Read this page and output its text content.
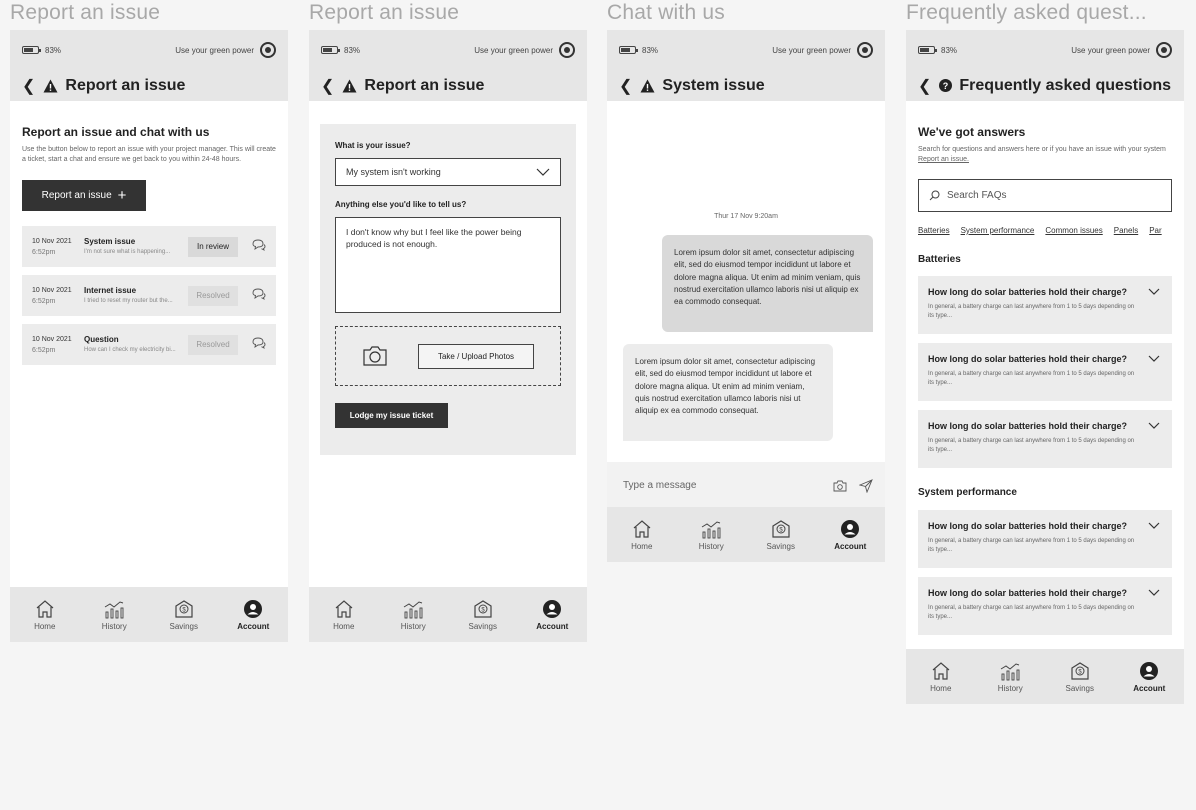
Report an issue	Report an issue	Chat with us	Frequently asked quest...
83%	Use your green power
❮ Report an issue
Report an issue and chat with us
Use the button below to report an issue with your project manager. This will create a ticket, start a chat and ensure we get back to you within 24-48 hours.
Report an issue +
10 Nov 2021
6:52pm
System issue
I'm not sure what is happening...
In review
10 Nov 2021
6:52pm
Internet issue
I tried to reset my router but the...
Resolved
10 Nov 2021
6:52pm
Question
How can I check my electricity bi...
Resolved
Home	History
$
Savings	Account
83%	Use your green power
❮ Report an issue
What is your issue?
My system isn't working
Anything else you'd like to tell us?
I don't know why but I feel like the power being produced is not enough.
Take / Upload Photos
Lodge my issue ticket
Home	History
$
Savings	Account
83%	Use your green power
❮ System issue
Thur 17 Nov 9:20am
Lorem ipsum dolor sit amet, consectetur adipiscing elit, sed do eiusmod tempor incididunt ut labore et dolore magna aliqua. Ut enim ad minim veniam, quis nostrud exercitation ullamco laboris nisi ut aliquip ex ea commodo consequat.
Lorem ipsum dolor sit amet, consectetur adipiscing elit, sed do eiusmod tempor incididunt ut labore et dolore magna aliqua. Ut enim ad minim veniam, quis nostrud exercitation ullamco laboris nisi ut aliquip ex ea commodo consequat.
Type a message
Home	History
$
Savings	Account
83%	Use your green power
❮ ? Frequently asked questions
We've got answers
Search for questions and answers here or if you have an issue with your system Report an issue.
Search FAQs
Batteries System performance Common issues Panels Par
Batteries
How long do solar batteries hold their charge?
In general, a battery charge can last anywhere from 1 to 5 days depending on its type...
How long do solar batteries hold their charge?
In general, a battery charge can last anywhere from 1 to 5 days depending on its type...
How long do solar batteries hold their charge?
In general, a battery charge can last anywhere from 1 to 5 days depending on its type...
System performance
How long do solar batteries hold their charge?
In general, a battery charge can last anywhere from 1 to 5 days depending on its type...
How long do solar batteries hold their charge?
In general, a battery charge can last anywhere from 1 to 5 days depending on its type...
Home	History
$
Savings	Account
